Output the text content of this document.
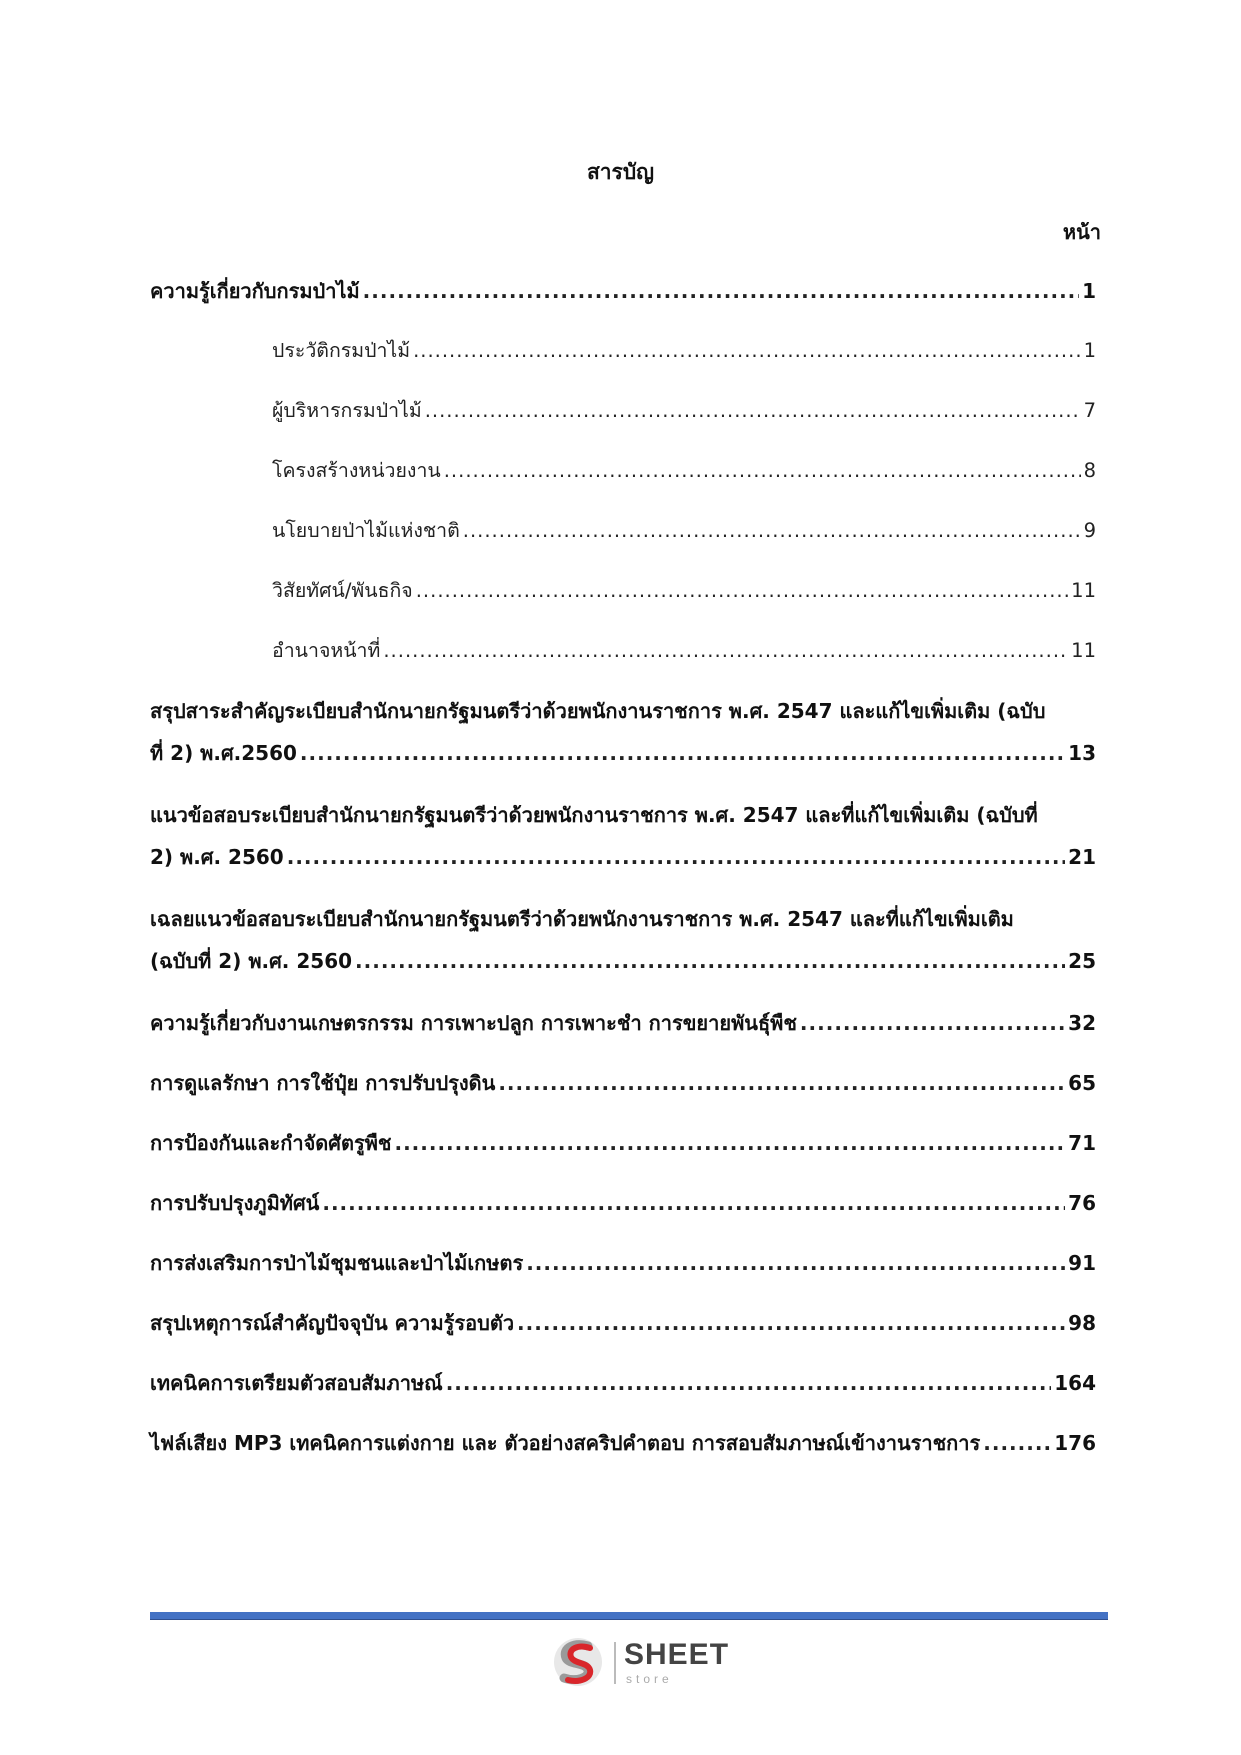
สารบัญ
หน้า
ความรู้เกี่ยวกับกรมป่าไม้ .....	1
ประวัติกรมป่าไม้ .....	1
ผู้บริหารกรมป่าไม้ .....	7
โครงสร้างหน่วยงาน .....	8
นโยบายป่าไม้แห่งชาติ .....	9
วิสัยทัศน์/พันธกิจ .....	11
อำนาจหน้าที่ .....	11
สรุปสาระสำคัญระเบียบสำนักนายกรัฐมนตรีว่าด้วยพนักงานราชการ พ.ศ. 2547 และแก้ไขเพิ่มเติม (ฉบับ
ที่ 2) พ.ศ.2560 .....	13
แนวข้อสอบระเบียบสำนักนายกรัฐมนตรีว่าด้วยพนักงานราชการ พ.ศ. 2547 และที่แก้ไขเพิ่มเติม (ฉบับที่
2) พ.ศ. 2560 .....	21
เฉลยแนวข้อสอบระเบียบสำนักนายกรัฐมนตรีว่าด้วยพนักงานราชการ พ.ศ. 2547 และที่แก้ไขเพิ่มเติม
(ฉบับที่ 2) พ.ศ. 2560 .....	25
ความรู้เกี่ยวกับงานเกษตรกรรม การเพาะปลูก การเพาะชำ การขยายพันธุ์พืช .....	32
การดูแลรักษา การใช้ปุ๋ย การปรับปรุงดิน .....	65
การป้องกันและกำจัดศัตรูพืช .....	71
การปรับปรุงภูมิทัศน์ .....	76
การส่งเสริมการป่าไม้ชุมชนและป่าไม้เกษตร .....	91
สรุปเหตุการณ์สำคัญปัจจุบัน ความรู้รอบตัว .....	98
เทคนิคการเตรียมตัวสอบสัมภาษณ์ .....	164
ไฟล์เสียง MP3 เทคนิคการแต่งกาย และ ตัวอย่างสคริปคำตอบ การสอบสัมภาษณ์เข้างานราชการ .....	176
SHEET
store
